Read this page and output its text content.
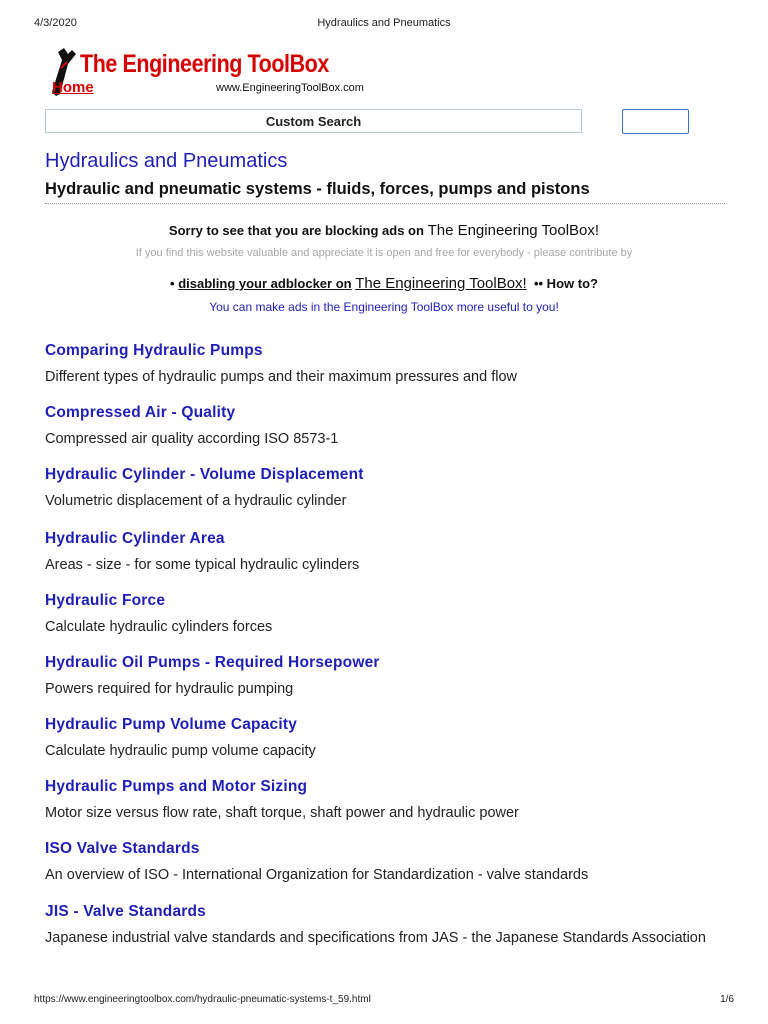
4/3/2020	Hydraulics and Pneumatics
The Engineering ToolBox
Home	www.EngineeringToolBox.com
Custom Search
Hydraulics and Pneumatics
Hydraulic and pneumatic systems - fluids, forces, pumps and pistons
Sorry to see that you are blocking ads on The Engineering ToolBox!
If you find this website valuable and appreciate it is open and free for everybody - please contribute by
• disabling your adblocker on The Engineering ToolBox! •• How to?
You can make ads in the Engineering ToolBox more useful to you!
Comparing Hydraulic Pumps
Different types of hydraulic pumps and their maximum pressures and flow
Compressed Air - Quality
Compressed air quality according ISO 8573-1
Hydraulic Cylinder - Volume Displacement
Volumetric displacement of a hydraulic cylinder
Hydraulic Cylinder Area
Areas - size - for some typical hydraulic cylinders
Hydraulic Force
Calculate hydraulic cylinders forces
Hydraulic Oil Pumps - Required Horsepower
Powers required for hydraulic pumping
Hydraulic Pump Volume Capacity
Calculate hydraulic pump volume capacity
Hydraulic Pumps and Motor Sizing
Motor size versus flow rate, shaft torque, shaft power and hydraulic power
ISO Valve Standards
An overview of ISO - International Organization for Standardization - valve standards
JIS - Valve Standards
Japanese industrial valve standards and specifications from JAS - the Japanese Standards Association
https://www.engineeringtoolbox.com/hydraulic-pneumatic-systems-t_59.html	1/6
